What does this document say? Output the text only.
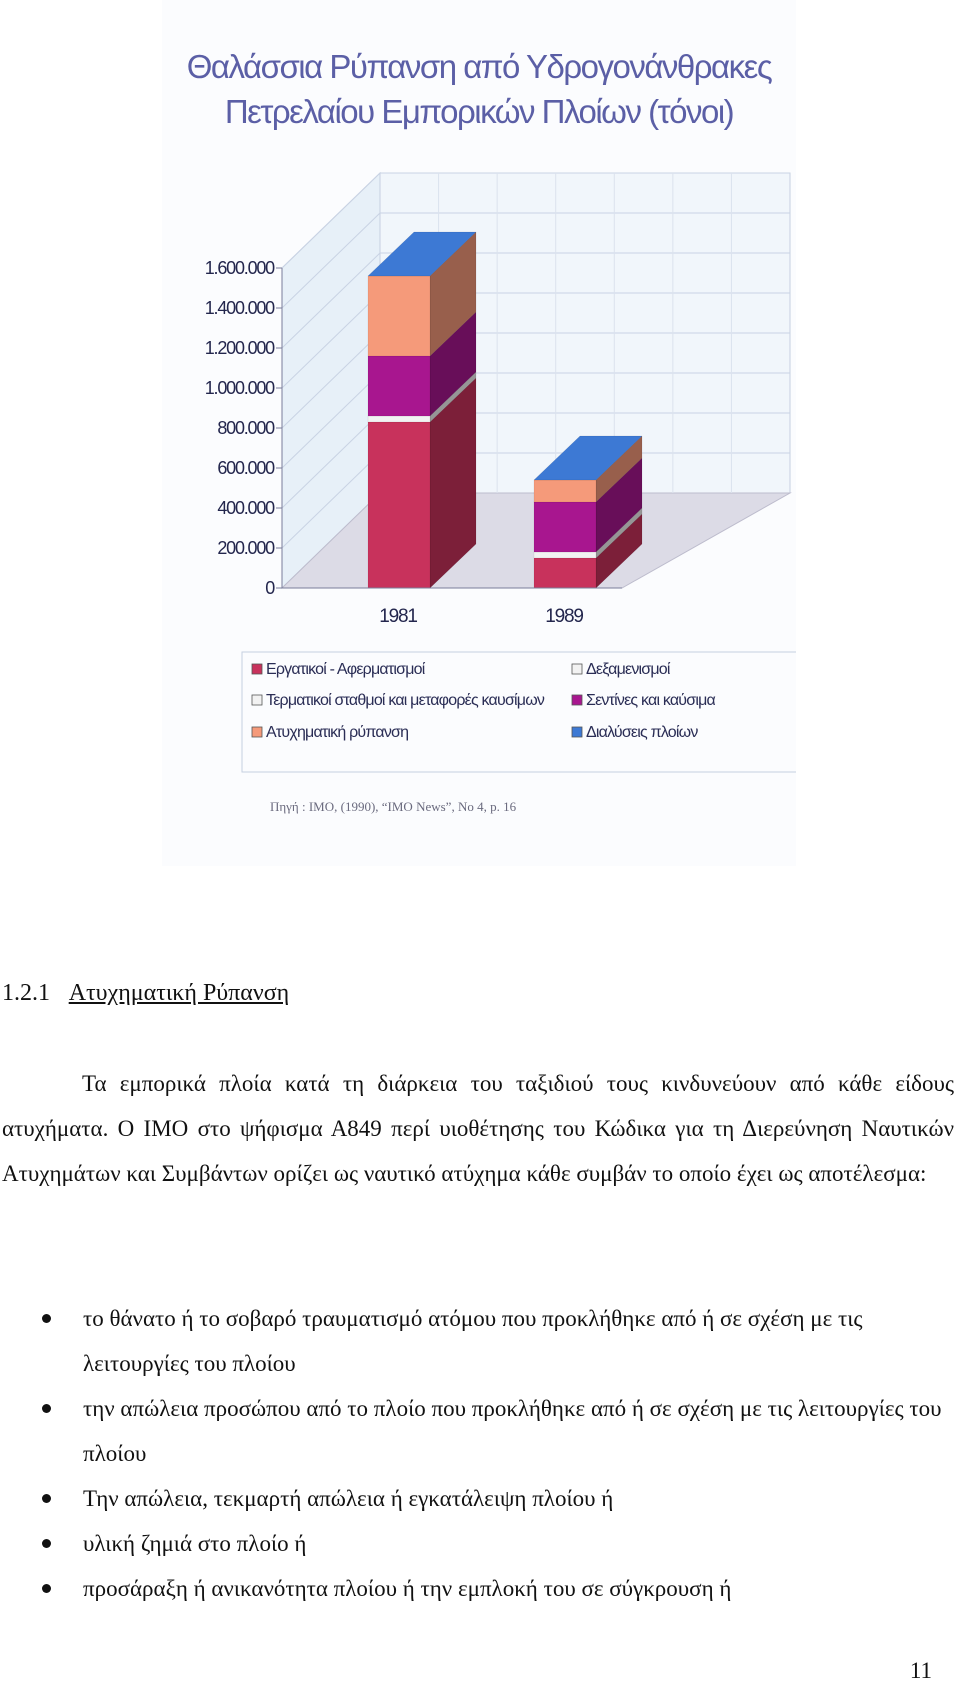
Θαλάσσια Ρύπανση από Υδρογονάνθρακες
Πετρελαίου Εμπορικών Πλοίων (τόνοι)
0
200.000
400.000
600.000
800.000
1.000.000
1.200.000
1.400.000
1.600.000
1981	1989
Εργατικοί - Αφερματισμοί
Τερματικοί σταθμοί και μεταφορές καυσίμων	Σεντίνες και καύσιμα
Ατυχηματική ρύπανση	Διαλύσεις πλοίων
Δεξαμενισμοί
Πηγή : IMO, (1990), “IMO News”, No 4, p. 16
1.2.1 Ατυχηματική Ρύπανση

Τα εμπορικά πλοία κατά τη διάρκεια του ταξιδιού τους κινδυνεύουν από κάθε είδους ατυχήματα. Ο ΙΜΟ στο ψήφισμα Α849 περί υιοθέτησης του Κώδικα για τη Διερεύνηση Ναυτικών Ατυχημάτων και Συμβάντων ορίζει ως ναυτικό ατύχημα κάθε συμβάν το οποίο έχει ως αποτέλεσμα:

το θάνατο ή το σοβαρό τραυματισμό ατόμου που προκλήθηκε από ή σε σχέση με τις λειτουργίες του πλοίου
την απώλεια προσώπου από το πλοίο που προκλήθηκε από ή σε σχέση με τις λειτουργίες του πλοίου
Την απώλεια, τεκμαρτή απώλεια ή εγκατάλειψη πλοίου ή
υλική ζημιά στο πλοίο ή
προσάραξη ή ανικανότητα πλοίου ή την εμπλοκή του σε σύγκρουση ή
11
